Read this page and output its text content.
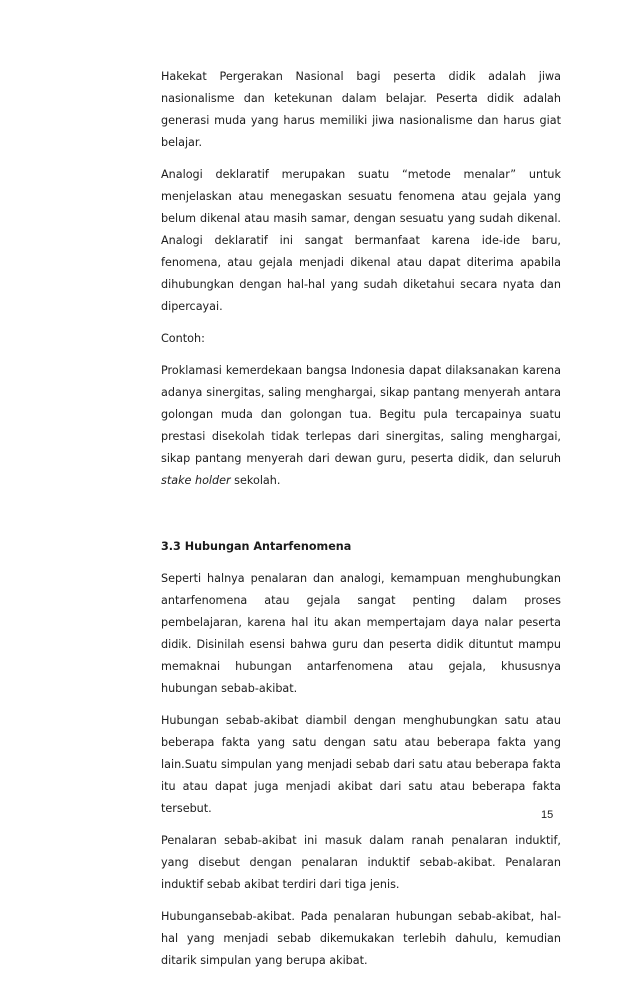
Hakekat Pergerakan Nasional bagi peserta didik adalah jiwa nasionalisme dan ketekunan dalam belajar. Peserta didik adalah generasi muda yang harus memiliki jiwa nasionalisme dan harus giat belajar.

Analogi deklaratif merupakan suatu “metode menalar” untuk menjelaskan atau menegaskan sesuatu fenomena atau gejala yang belum dikenal atau masih samar, dengan sesuatu yang sudah dikenal. Analogi deklaratif ini sangat bermanfaat karena ide-ide baru, fenomena, atau gejala menjadi dikenal atau dapat diterima apabila dihubungkan dengan hal-hal yang sudah diketahui secara nyata dan dipercayai.

Contoh:

Proklamasi kemerdekaan bangsa Indonesia dapat dilaksanakan karena adanya sinergitas, saling menghargai, sikap pantang menyerah antara golongan muda dan golongan tua. Begitu pula tercapainya suatu prestasi disekolah tidak terlepas dari sinergitas, saling menghargai, sikap pantang menyerah dari dewan guru, peserta didik, dan seluruh stake holder sekolah.

3.3 Hubungan Antarfenomena

Seperti halnya penalaran dan analogi, kemampuan menghubungkan antarfenomena atau gejala sangat penting dalam proses pembelajaran, karena hal itu akan mempertajam daya nalar peserta didik. Disinilah esensi bahwa guru dan peserta didik dituntut mampu memaknai hubungan antarfenomena atau gejala, khususnya hubungan sebab-akibat.

Hubungan sebab-akibat diambil dengan menghubungkan satu atau beberapa fakta yang satu dengan satu atau beberapa fakta yang lain.Suatu simpulan yang menjadi sebab dari satu atau beberapa fakta itu atau dapat juga menjadi akibat dari satu atau beberapa fakta tersebut.

Penalaran sebab-akibat ini masuk dalam ranah penalaran induktif, yang disebut dengan penalaran induktif sebab-akibat. Penalaran induktif sebab akibat terdiri dari tiga jenis.

Hubungansebab-akibat. Pada penalaran hubungan sebab-akibat, hal-hal yang menjadi sebab dikemukakan terlebih dahulu, kemudian ditarik simpulan yang berupa akibat.

15
